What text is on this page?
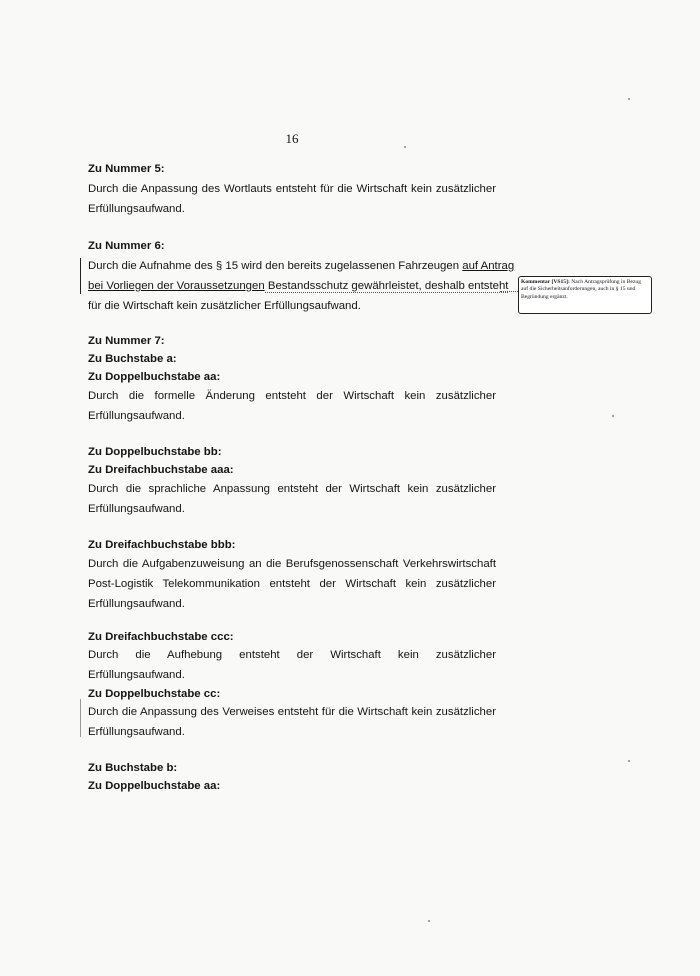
16
Zu Nummer 5:
Durch die Anpassung des Wortlauts entsteht für die Wirtschaft kein zusätzlicher Erfüllungsaufwand.
Zu Nummer 6:
Durch die Aufnahme des § 15 wird den bereits zugelassenen Fahrzeugen auf Antrag
bei Vorliegen der Voraussetzungen Bestandsschutz gewährleistet, deshalb entsteht
für die Wirtschaft kein zusätzlicher Erfüllungsaufwand.
Kommentar [VS15]: Nach Antragsprüfung in Bezug auf die Sicherheitsanforderungen, auch in § 15 und Begründung ergänzt.
Zu Nummer 7:
Zu Buchstabe a:
Zu Doppelbuchstabe aa:
Durch die formelle Änderung entsteht der Wirtschaft kein zusätzlicher Erfüllungsaufwand.
Zu Doppelbuchstabe bb:
Zu Dreifachbuchstabe aaa:
Durch die sprachliche Anpassung entsteht der Wirtschaft kein zusätzlicher Erfüllungsaufwand.
Zu Dreifachbuchstabe bbb:
Durch die Aufgabenzuweisung an die Berufsgenossenschaft Verkehrswirtschaft Post-Logistik Telekommunikation entsteht der Wirtschaft kein zusätzlicher Erfüllungsaufwand.
Zu Dreifachbuchstabe ccc:
Durch die Aufhebung entsteht der Wirtschaft kein zusätzlicher Erfüllungsaufwand.
Zu Doppelbuchstabe cc:
Durch die Anpassung des Verweises entsteht für die Wirtschaft kein zusätzlicher Erfüllungsaufwand.
Zu Buchstabe b:
Zu Doppelbuchstabe aa:
